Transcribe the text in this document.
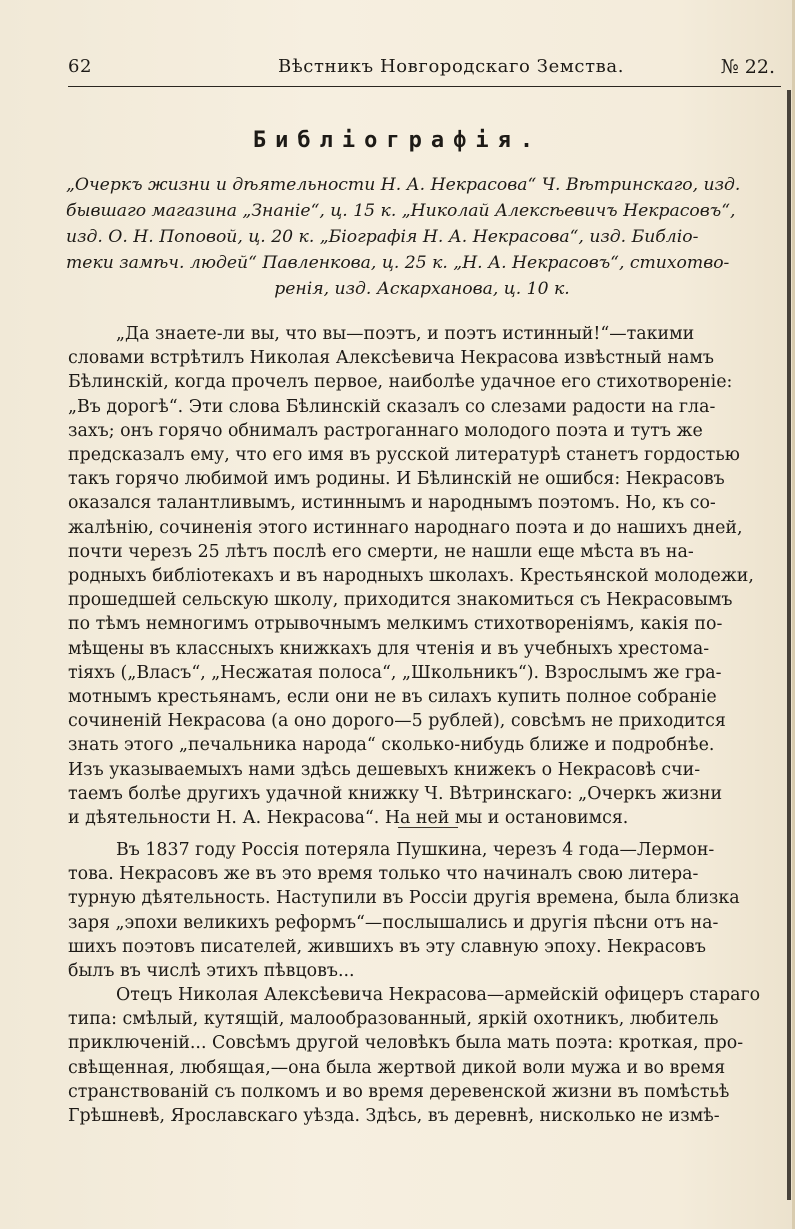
62	Вѣстникъ Новгородскаго Земства.	№ 22.
Библiографiя.
„Очеркъ жизни и дѣятельности Н. А. Некрасова“ Ч. Вѣтринскаго, изд.
бывшаго магазина „Знанiе“, ц. 15 к. „Николай Алексѣевичъ Некрасовъ“,
изд. О. Н. Поповой, ц. 20 к. „Бiографiя Н. А. Некрасова“, изд. Библiо-
теки замѣч. людей“ Павленкова, ц. 25 к. „Н. А. Некрасовъ“, стихотво-
ренiя, изд. Аскарханова, ц. 10 к.
„Да знаете-ли вы, что вы—поэтъ, и поэтъ истинный!“—такими
словами встрѣтилъ Николая Алексѣевича Некрасова извѣстный намъ
Бѣлинскiй, когда прочелъ первое, наиболѣе удачное его стихотворенiе:
„Въ дорогѣ“. Эти слова Бѣлинскiй сказалъ со слезами радости на гла-
захъ; онъ горячо обнималъ растроганнаго молодого поэта и тутъ же
предсказалъ ему, что его имя въ русской литературѣ станетъ гордостью
такъ горячо любимой имъ родины. И Бѣлинскiй не ошибся: Некрасовъ
оказался талантливымъ, истиннымъ и народнымъ поэтомъ. Но, къ со-
жалѣнiю, сочиненiя этого истиннаго народнаго поэта и до нашихъ дней,
почти черезъ 25 лѣтъ послѣ его смерти, не нашли еще мѣста въ на-
родныхъ библiотекахъ и въ народныхъ школахъ. Крестьянской молодежи,
прошедшей сельскую школу, приходится знакомиться съ Некрасовымъ
по тѣмъ немногимъ отрывочнымъ мелкимъ стихотворенiямъ, какiя по-
мѣщены въ классныхъ книжкахъ для чтенiя и въ учебныхъ хрестома-
тiяхъ („Власъ“, „Несжатая полоса“, „Школьникъ“). Взрослымъ же гра-
мотнымъ крестьянамъ, если они не въ силахъ купить полное собранiе
сочиненiй Некрасова (а оно дорого—5 рублей), совсѣмъ не приходится
знать этого „печальника народа“ сколько-нибудь ближе и подробнѣе.
Изъ указываемыхъ нами здѣсь дешевыхъ книжекъ о Некрасовѣ счи-
таемъ болѣе другихъ удачной книжку Ч. Вѣтринскаго: „Очеркъ жизни
и дѣятельности Н. А. Некрасова“. На ней мы и остановимся.
Въ 1837 году Россiя потеряла Пушкина, черезъ 4 года—Лермон-
това. Некрасовъ же въ это время только что начиналъ свою литера-
турную дѣятельность. Наступили въ Россiи другiя времена, была близка
заря „эпохи великихъ реформъ“—послышались и другiя пѣсни отъ на-
шихъ поэтовъ писателей, жившихъ въ эту славную эпоху. Некрасовъ
былъ въ числѣ этихъ пѣвцовъ...
Отецъ Николая Алексѣевича Некрасова—армейскiй офицеръ стараго
типа: смѣлый, кутящiй, малообразованный, яркiй охотникъ, любитель
приключенiй... Совсѣмъ другой человѣкъ была мать поэта: кроткая, про-
свѣщенная, любящая,—она была жертвой дикой воли мужа и во время
странствованiй съ полкомъ и во время деревенской жизни въ помѣстьѣ
Грѣшневѣ, Ярославскаго уѣзда. Здѣсь, въ деревнѣ, нисколько не измѣ-
